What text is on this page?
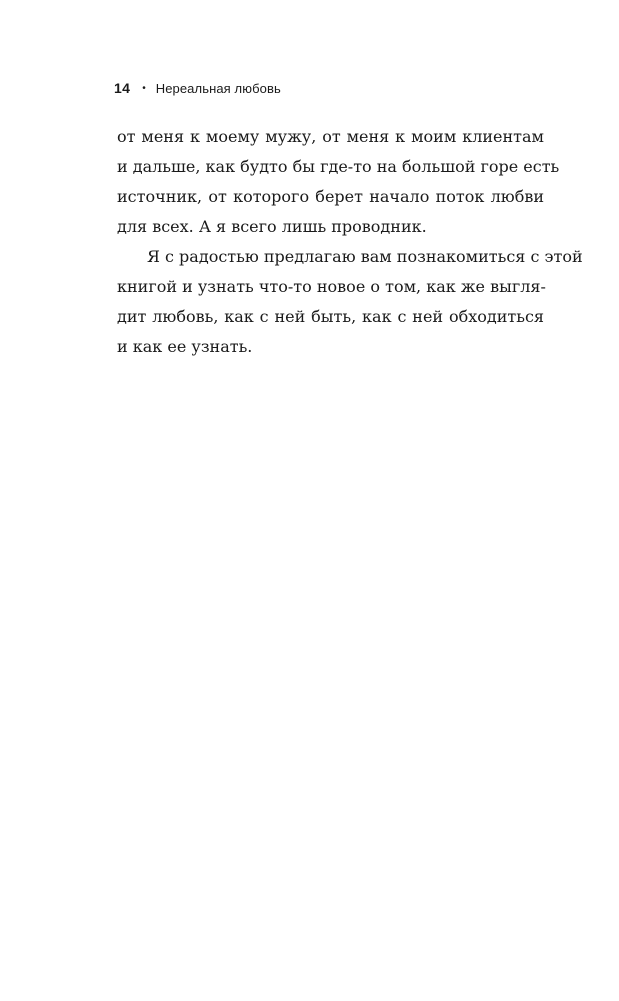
14 • Нереальная любовь
от меня к моему мужу, от меня к моим клиентам
и дальше, как будто бы где-то на большой горе есть
источник, от которого берет начало поток любви
для всех. А я всего лишь проводник.
Я с радостью предлагаю вам познакомиться с этой
книгой и узнать что-то новое о том, как же выгля-
дит любовь, как с ней быть, как с ней обходиться
и как ее узнать.
